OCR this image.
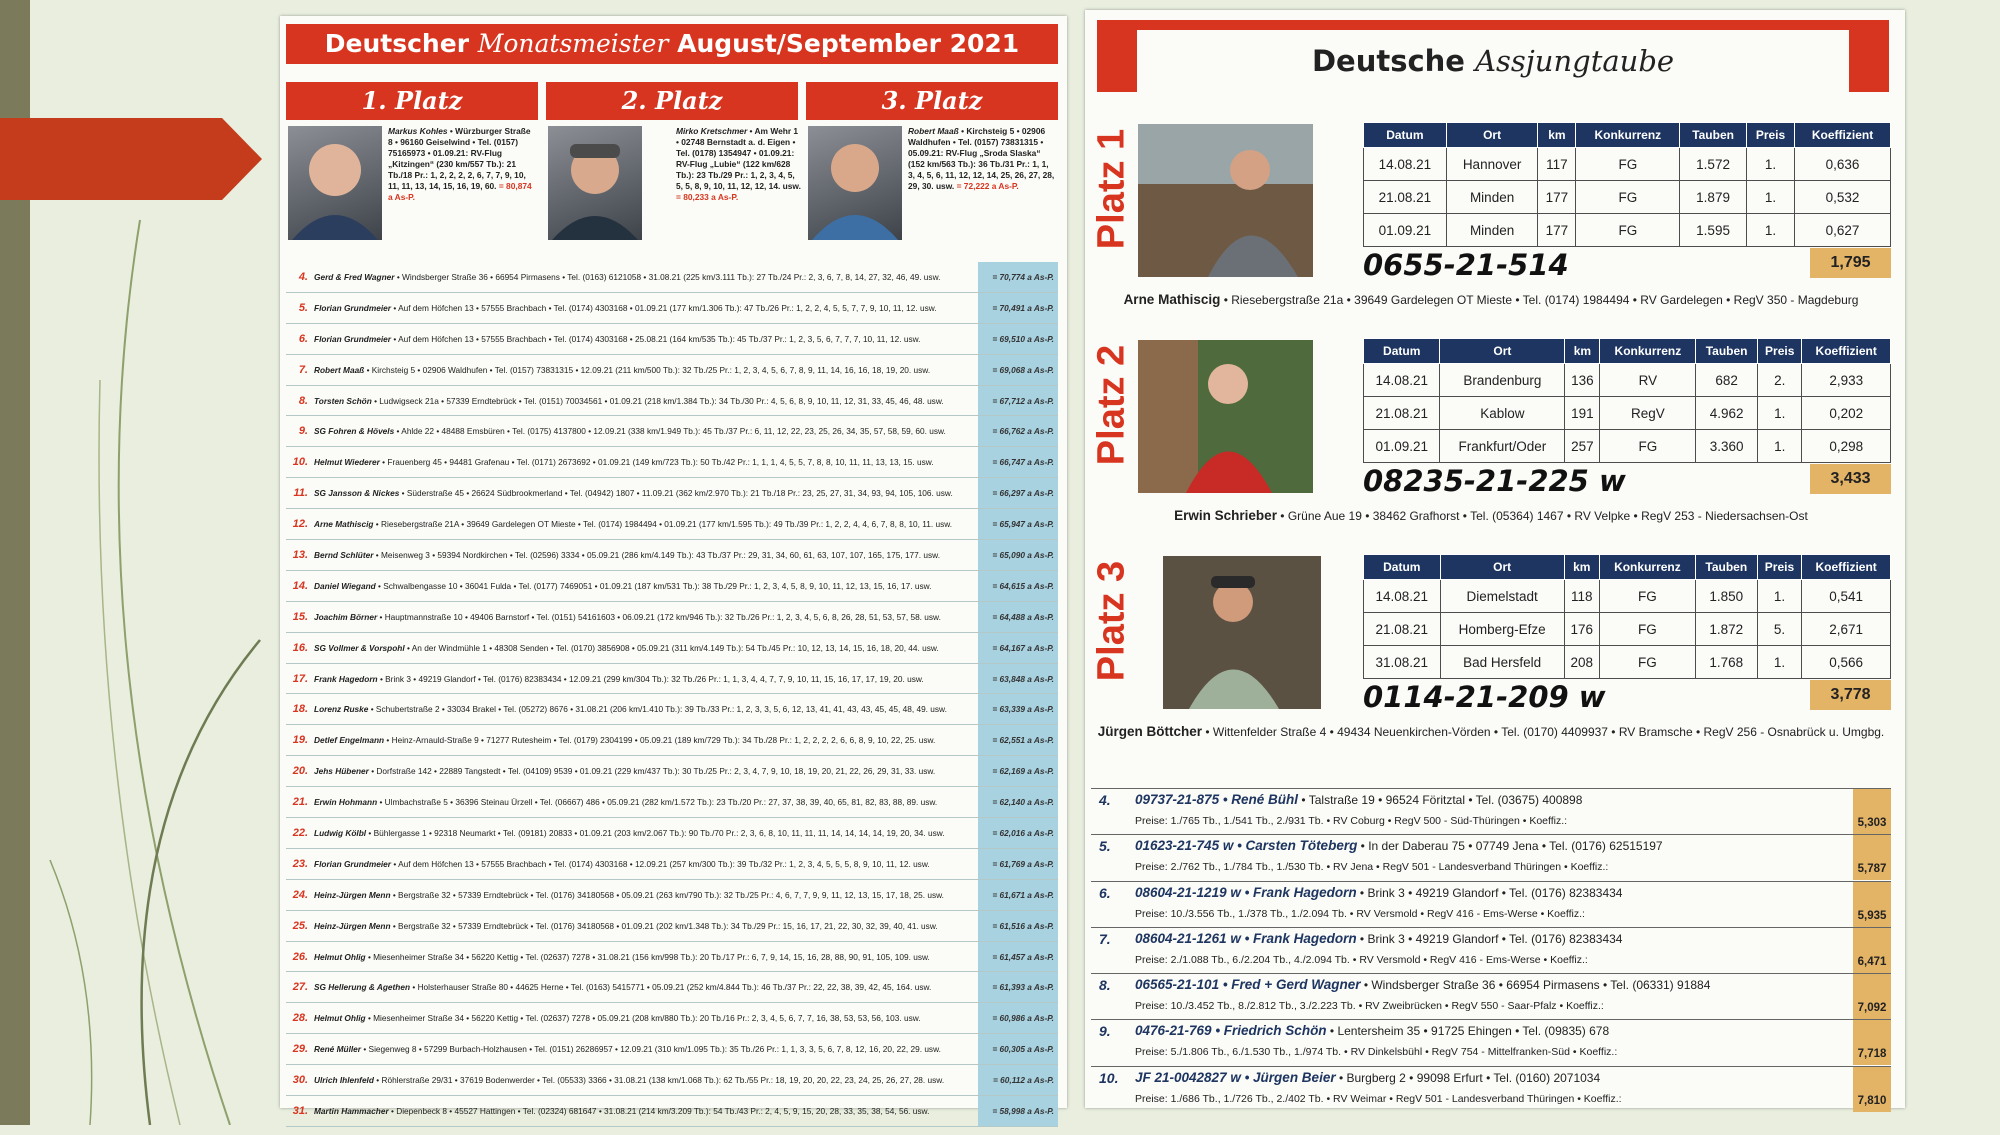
Deutscher Monatsmeister August/September 2021
1. Platz
Markus Kohles • Würzburger Straße 8 • 96160 Geiselwind • Tel. (0157) 75165973 • 01.09.21: RV-Flug „Kitzingen“ (230 km/557 Tb.): 21 Tb./18 Pr.: 1, 2, 2, 2, 2, 6, 7, 7, 9, 10, 11, 11, 13, 14, 15, 16, 19, 60. = 80,874 a As-P.
2. Platz
Mirko Kretschmer • Am Wehr 1 • 02748 Bernstadt a. d. Eigen • Tel. (0178) 1354947 • 01.09.21: RV-Flug „Lubie“ (122 km/628 Tb.): 23 Tb./29 Pr.: 1, 2, 3, 4, 5, 5, 5, 8, 9, 10, 11, 12, 12, 14. usw. = 80,233 a As-P.
3. Platz
Robert Maaß • Kirchsteig 5 • 02906 Waldhufen • Tel. (0157) 73831315 • 05.09.21: RV-Flug „Sroda Slaska“ (152 km/563 Tb.): 36 Tb./31 Pr.: 1, 1, 3, 4, 5, 6, 11, 12, 12, 14, 25, 26, 27, 28, 29, 30. usw. = 72,222 a As-P.
4. Gerd & Fred Wagner • Windsberger Straße 36 • 66954 Pirmasens • Tel. (0163) 6121058 • 31.08.21 (225 km/3.111 Tb.): 27 Tb./24 Pr.: 2, 3, 6, 7, 8, 14, 27, 32, 46, 49. usw.	= 70,774 a As-P.
5. Florian Grundmeier • Auf dem Höfchen 13 • 57555 Brachbach • Tel. (0174) 4303168 • 01.09.21 (177 km/1.306 Tb.): 47 Tb./26 Pr.: 1, 2, 2, 4, 5, 5, 7, 7, 9, 10, 11, 12. usw.	= 70,491 a As-P.
6. Florian Grundmeier • Auf dem Höfchen 13 • 57555 Brachbach • Tel. (0174) 4303168 • 25.08.21 (164 km/535 Tb.): 45 Tb./37 Pr.: 1, 2, 3, 5, 6, 7, 7, 7, 10, 11, 12. usw.	= 69,510 a As-P.
7. Robert Maaß • Kirchsteig 5 • 02906 Waldhufen • Tel. (0157) 73831315 • 12.09.21 (211 km/500 Tb.): 32 Tb./25 Pr.: 1, 2, 3, 4, 5, 6, 7, 8, 9, 11, 14, 16, 16, 18, 19, 20. usw.	= 69,068 a As-P.
8. Torsten Schön • Ludwigseck 21a • 57339 Erndtebrück • Tel. (0151) 70034561 • 01.09.21 (218 km/1.384 Tb.): 34 Tb./30 Pr.: 4, 5, 6, 8, 9, 10, 11, 12, 31, 33, 45, 46, 48. usw.	= 67,712 a As-P.
9. SG Fohren & Hövels • Ahlde 22 • 48488 Emsbüren • Tel. (0175) 4137800 • 12.09.21 (338 km/1.949 Tb.): 45 Tb./37 Pr.: 6, 11, 12, 22, 23, 25, 26, 34, 35, 57, 58, 59, 60. usw.	= 66,762 a As-P.
10. Helmut Wiederer • Frauenberg 45 • 94481 Grafenau • Tel. (0171) 2673692 • 01.09.21 (149 km/723 Tb.): 50 Tb./42 Pr.: 1, 1, 1, 4, 5, 5, 7, 8, 8, 10, 11, 11, 13, 13, 15. usw.	= 66,747 a As-P.
11. SG Jansson & Nickes • Süderstraße 45 • 26624 Südbrookmerland • Tel. (04942) 1807 • 11.09.21 (362 km/2.970 Tb.): 21 Tb./18 Pr.: 23, 25, 27, 31, 34, 93, 94, 105, 106. usw.	= 66,297 a As-P.
12. Arne Mathiscig • Riesebergstraße 21A • 39649 Gardelegen OT Mieste • Tel. (0174) 1984494 • 01.09.21 (177 km/1.595 Tb.): 49 Tb./39 Pr.: 1, 2, 2, 4, 4, 6, 7, 8, 8, 10, 11. usw.	= 65,947 a As-P.
13. Bernd Schlüter • Meisenweg 3 • 59394 Nordkirchen • Tel. (02596) 3334 • 05.09.21 (286 km/4.149 Tb.): 43 Tb./37 Pr.: 29, 31, 34, 60, 61, 63, 107, 107, 165, 175, 177. usw.	= 65,090 a As-P.
14. Daniel Wiegand • Schwalbengasse 10 • 36041 Fulda • Tel. (0177) 7469051 • 01.09.21 (187 km/531 Tb.): 38 Tb./29 Pr.: 1, 2, 3, 4, 5, 8, 9, 10, 11, 12, 13, 15, 16, 17. usw.	= 64,615 a As-P.
15. Joachim Börner • Hauptmannstraße 10 • 49406 Barnstorf • Tel. (0151) 54161603 • 06.09.21 (172 km/946 Tb.): 32 Tb./26 Pr.: 1, 2, 3, 4, 5, 6, 8, 26, 28, 51, 53, 57, 58. usw.	= 64,488 a As-P.
16. SG Vollmer & Vorspohl • An der Windmühle 1 • 48308 Senden • Tel. (0170) 3856908 • 05.09.21 (311 km/4.149 Tb.): 54 Tb./45 Pr.: 10, 12, 13, 14, 15, 16, 18, 20, 44. usw.	= 64,167 a As-P.
17. Frank Hagedorn • Brink 3 • 49219 Glandorf • Tel. (0176) 82383434 • 12.09.21 (299 km/304 Tb.): 32 Tb./26 Pr.: 1, 1, 3, 4, 4, 7, 7, 9, 10, 11, 15, 16, 17, 17, 19, 20. usw.	= 63,848 a As-P.
18. Lorenz Ruske • Schubertstraße 2 • 33034 Brakel • Tel. (05272) 8676 • 31.08.21 (206 km/1.410 Tb.): 39 Tb./33 Pr.: 1, 2, 3, 3, 5, 6, 12, 13, 41, 41, 43, 43, 45, 45, 48, 49. usw.	= 63,339 a As-P.
19. Detlef Engelmann • Heinz-Arnauld-Straße 9 • 71277 Rutesheim • Tel. (0179) 2304199 • 05.09.21 (189 km/729 Tb.): 34 Tb./28 Pr.: 1, 2, 2, 2, 2, 6, 6, 8, 9, 10, 22, 25. usw.	= 62,551 a As-P.
20. Jehs Hübener • Dorfstraße 142 • 22889 Tangstedt • Tel. (04109) 9539 • 01.09.21 (229 km/437 Tb.): 30 Tb./25 Pr.: 2, 3, 4, 7, 9, 10, 18, 19, 20, 21, 22, 26, 29, 31, 33. usw.	= 62,169 a As-P.
21. Erwin Hohmann • Ulmbachstraße 5 • 36396 Steinau Ürzell • Tel. (06667) 486 • 05.09.21 (282 km/1.572 Tb.): 23 Tb./20 Pr.: 27, 37, 38, 39, 40, 65, 81, 82, 83, 88, 89. usw.	= 62,140 a As-P.
22. Ludwig Kölbl • Bühlergasse 1 • 92318 Neumarkt • Tel. (09181) 20833 • 01.09.21 (203 km/2.067 Tb.): 90 Tb./70 Pr.: 2, 3, 6, 8, 10, 11, 11, 11, 14, 14, 14, 14, 19, 20, 34. usw.	= 62,016 a As-P.
23. Florian Grundmeier • Auf dem Höfchen 13 • 57555 Brachbach • Tel. (0174) 4303168 • 12.09.21 (257 km/300 Tb.): 39 Tb./32 Pr.: 1, 2, 3, 4, 5, 5, 5, 8, 9, 10, 11, 12. usw.	= 61,769 a As-P.
24. Heinz-Jürgen Menn • Bergstraße 32 • 57339 Erndtebrück • Tel. (0176) 34180568 • 05.09.21 (263 km/790 Tb.): 32 Tb./25 Pr.: 4, 6, 7, 7, 9, 9, 11, 12, 13, 15, 17, 18, 25. usw.	= 61,671 a As-P.
25. Heinz-Jürgen Menn • Bergstraße 32 • 57339 Erndtebrück • Tel. (0176) 34180568 • 01.09.21 (202 km/1.348 Tb.): 34 Tb./29 Pr.: 15, 16, 17, 21, 22, 30, 32, 39, 40, 41. usw.	= 61,516 a As-P.
26. Helmut Ohlig • Miesenheimer Straße 34 • 56220 Kettig • Tel. (02637) 7278 • 31.08.21 (156 km/998 Tb.): 20 Tb./17 Pr.: 6, 7, 9, 14, 15, 16, 28, 88, 90, 91, 105, 109. usw.	= 61,457 a As-P.
27. SG Hellerung & Agethen • Holsterhauser Straße 80 • 44625 Herne • Tel. (0163) 5415771 • 05.09.21 (252 km/4.844 Tb.): 46 Tb./37 Pr.: 22, 22, 38, 39, 42, 45, 164. usw.	= 61,393 a As-P.
28. Helmut Ohlig • Miesenheimer Straße 34 • 56220 Kettig • Tel. (02637) 7278 • 05.09.21 (208 km/880 Tb.): 20 Tb./16 Pr.: 2, 3, 4, 5, 6, 7, 7, 16, 38, 53, 53, 56, 103. usw.	= 60,986 a As-P.
29. René Müller • Siegenweg 8 • 57299 Burbach-Holzhausen • Tel. (0151) 26286957 • 12.09.21 (310 km/1.095 Tb.): 35 Tb./26 Pr.: 1, 1, 3, 3, 5, 6, 7, 8, 12, 16, 20, 22, 29. usw.	= 60,305 a As-P.
30. Ulrich Ihlenfeld • Röhlerstraße 29/31 • 37619 Bodenwerder • Tel. (05533) 3366 • 31.08.21 (138 km/1.068 Tb.): 62 Tb./55 Pr.: 18, 19, 20, 20, 22, 23, 24, 25, 26, 27, 28. usw.	= 60,112 a As-P.
31. Martin Hammacher • Diepenbeck 8 • 45527 Hattingen • Tel. (02324) 681647 • 31.08.21 (214 km/3.209 Tb.): 54 Tb./43 Pr.: 2, 4, 5, 9, 15, 20, 28, 33, 35, 38, 54, 56. usw.	= 58,998 a As-P.
Deutsche Assjungtaube
Platz 1	Datum	Ort	km	Konkurrenz	Tauben	Preis	Koeffizient
14.08.21	Hannover	117	FG	1.572	1.	0,636
21.08.21	Minden	177	FG	1.879	1.	0,532
01.09.21	Minden	177	FG	1.595	1.	0,627
0655-21-514	1,795
Arne Mathiscig • Riesebergstraße 21a • 39649 Gardelegen OT Mieste • Tel. (0174) 1984494 • RV Gardelegen • RegV 350 - Magdeburg
Platz 2	Datum	Ort	km	Konkurrenz	Tauben	Preis	Koeffizient
14.08.21	Brandenburg	136	RV	682	2.	2,933
21.08.21	Kablow	191	RegV	4.962	1.	0,202
01.09.21	Frankfurt/Oder	257	FG	3.360	1.	0,298
08235-21-225 w	3,433
Erwin Schrieber • Grüne Aue 19 • 38462 Grafhorst • Tel. (05364) 1467 • RV Velpke • RegV 253 - Niedersachsen-Ost
Platz 3	Datum	Ort	km	Konkurrenz	Tauben	Preis	Koeffizient
14.08.21	Diemelstadt	118	FG	1.850	1.	0,541
21.08.21	Homberg-Efze	176	FG	1.872	5.	2,671
31.08.21	Bad Hersfeld	208	FG	1.768	1.	0,566
0114-21-209 w	3,778
Jürgen Böttcher • Wittenfelder Straße 4 • 49434 Neuenkirchen-Vörden • Tel. (0170) 4409937 • RV Bramsche • RegV 256 - Osnabrück u. Umgbg.
4. 09737-21-875 • René Bühl • Talstraße 19 • 96524 Föritztal • Tel. (03675) 400898
Preise: 1./765 Tb., 1./541 Tb., 2./931 Tb. • RV Coburg • RegV 500 - Süd-Thüringen • Koeffiz.:	5,303
5. 01623-21-745 w • Carsten Töteberg • In der Daberau 75 • 07749 Jena • Tel. (0176) 62515197
Preise: 2./762 Tb., 1./784 Tb., 1./530 Tb. • RV Jena • RegV 501 - Landesverband Thüringen • Koeffiz.:	5,787
6. 08604-21-1219 w • Frank Hagedorn • Brink 3 • 49219 Glandorf • Tel. (0176) 82383434
Preise: 10./3.556 Tb., 1./378 Tb., 1./2.094 Tb. • RV Versmold • RegV 416 - Ems-Werse • Koeffiz.:	5,935
7. 08604-21-1261 w • Frank Hagedorn • Brink 3 • 49219 Glandorf • Tel. (0176) 82383434
Preise: 2./1.088 Tb., 6./2.204 Tb., 4./2.094 Tb. • RV Versmold • RegV 416 - Ems-Werse • Koeffiz.:	6,471
8. 06565-21-101 • Fred + Gerd Wagner • Windsberger Straße 36 • 66954 Pirmasens • Tel. (06331) 91884
Preise: 10./3.452 Tb., 8./2.812 Tb., 3./2.223 Tb. • RV Zweibrücken • RegV 550 - Saar-Pfalz • Koeffiz.:	7,092
9. 0476-21-769 • Friedrich Schön • Lentersheim 35 • 91725 Ehingen • Tel. (09835) 678
Preise: 5./1.806 Tb., 6./1.530 Tb., 1./974 Tb. • RV Dinkelsbühl • RegV 754 - Mittelfranken-Süd • Koeffiz.:	7,718
10. JF 21-0042827 w • Jürgen Beier • Burgberg 2 • 99098 Erfurt • Tel. (0160) 2071034
Preise: 1./686 Tb., 1./726 Tb., 2./402 Tb. • RV Weimar • RegV 501 - Landesverband Thüringen • Koeffiz.:	7,810
